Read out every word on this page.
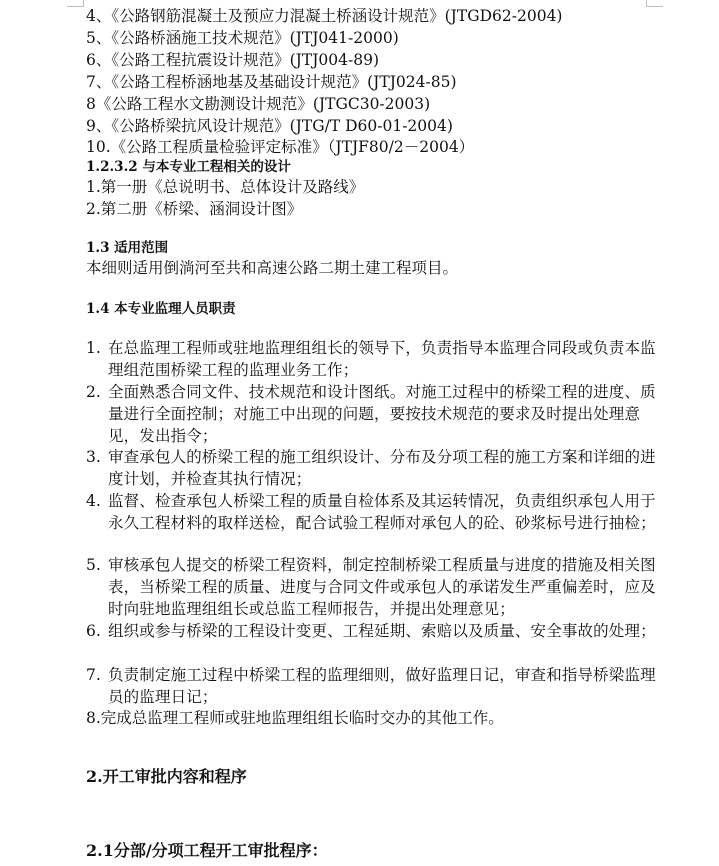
4、《公路钢筋混凝土及预应力混凝土桥涵设计规范》(JTGD62-2004)
5、《公路桥涵施工技术规范》(JTJ041-2000)
6、《公路工程抗震设计规范》(JTJ004-89)
7、《公路工程桥涵地基及基础设计规范》(JTJ024-85)
8《公路工程水文勘测设计规范》(JTGC30-2003)
9、《公路桥梁抗风设计规范》(JTG/T D60-01-2004)
10.《公路工程质量检验评定标准》（JTJF80/2－2004）
1.2.3.2 与本专业工程相关的设计
1.第一册《总说明书、总体设计及路线》
2.第二册《桥梁、涵洞设计图》
1.3 适用范围
本细则适用倒淌河至共和高速公路二期土建工程项目。
1.4 本专业监理人员职责
1. 在总监理工程师或驻地监理组组长的领导下，负责指导本监理合同段或负责本监理组范围桥梁工程的监理业务工作；
2. 全面熟悉合同文件、技术规范和设计图纸。对施工过程中的桥梁工程的进度、质量进行全面控制；对施工中出现的问题，要按技术规范的要求及时提出处理意见，发出指令；
3. 审查承包人的桥梁工程的施工组织设计、分布及分项工程的施工方案和详细的进度计划，并检查其执行情况；
4. 监督、检查承包人桥梁工程的质量自检体系及其运转情况，负责组织承包人用于永久工程材料的取样送检，配合试验工程师对承包人的砼、砂浆标号进行抽检；
5. 审核承包人提交的桥梁工程资料，制定控制桥梁工程质量与进度的措施及相关图表，当桥梁工程的质量、进度与合同文件或承包人的承诺发生严重偏差时，应及时向驻地监理组组长或总监工程师报告，并提出处理意见；
6. 组织或参与桥梁的工程设计变更、工程延期、索赔以及质量、安全事故的处理；
7. 负责制定施工过程中桥梁工程的监理细则，做好监理日记，审查和指导桥梁监理员的监理日记；
8.完成总监理工程师或驻地监理组组长临时交办的其他工作。
2.开工审批内容和程序
2.1分部/分项工程开工审批程序：
